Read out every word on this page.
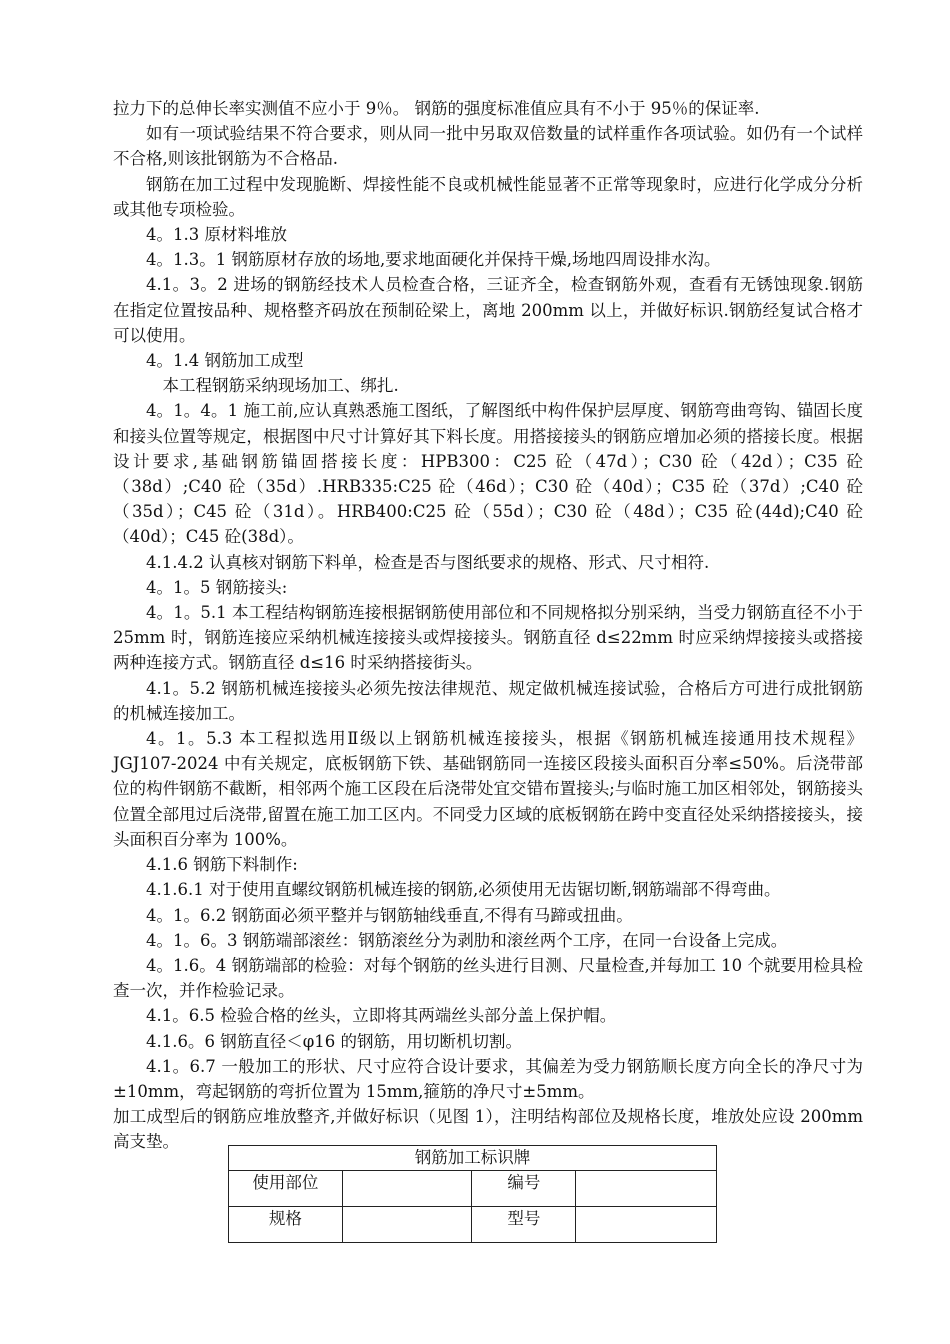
拉力下的总伸长率实测值不应小于 9％。 钢筋的强度标准值应具有不小于 95％的保证率.

如有一项试验结果不符合要求，则从同一批中另取双倍数量的试样重作各项试验。如仍有一个试样不合格,则该批钢筋为不合格品.

钢筋在加工过程中发现脆断、焊接性能不良或机械性能显著不正常等现象时，应进行化学成分分析或其他专项检验。

4。1.3 原材料堆放

4。1.3。1 钢筋原材存放的场地,要求地面硬化并保持干燥,场地四周设排水沟。

4.1。3。2 进场的钢筋经技术人员检查合格，三证齐全，检查钢筋外观，查看有无锈蚀现象.钢筋在指定位置按品种、规格整齐码放在预制砼梁上，离地 200mm 以上，并做好标识.钢筋经复试合格才可以使用。

4。1.4 钢筋加工成型

本工程钢筋采纳现场加工、绑扎.

4。1。4。1 施工前,应认真熟悉施工图纸，了解图纸中构件保护层厚度、钢筋弯曲弯钩、锚固长度和接头位置等规定，根据图中尺寸计算好其下料长度。用搭接接头的钢筋应增加必须的搭接长度。根据设计要求,基础钢筋锚固搭接长度：HPB300：C25 砼（47d）；C30 砼（42d）；C35 砼（38d）;C40 砼（35d）.HRB335:C25 砼（46d）；C30 砼（40d）；C35 砼（37d）;C40 砼（35d）；C45 砼（31d）。HRB400:C25 砼（55d）；C30 砼（48d）；C35 砼(44d);C40 砼（40d）；C45 砼(38d）。

4.1.4.2 认真核对钢筋下料单，检查是否与图纸要求的规格、形式、尺寸相符.

4。1。5 钢筋接头:

4。1。5.1 本工程结构钢筋连接根据钢筋使用部位和不同规格拟分别采纳，当受力钢筋直径不小于 25mm 时，钢筋连接应采纳机械连接接头或焊接接头。钢筋直径 d≤22mm 时应采纳焊接接头或搭接两种连接方式。钢筋直径 d≤16 时采纳搭接街头。

4.1。5.2 钢筋机械连接接头必须先按法律规范、规定做机械连接试验，合格后方可进行成批钢筋的机械连接加工。

4。1。5.3 本工程拟选用Ⅱ级以上钢筋机械连接接头，根据《钢筋机械连接通用技术规程》JGJ107-2024 中有关规定，底板钢筋下铁、基础钢筋同一连接区段接头面积百分率≤50%。后浇带部位的构件钢筋不截断，相邻两个施工区段在后浇带处宜交错布置接头;与临时施工加区相邻处，钢筋接头位置全部甩过后浇带,留置在施工加工区内。不同受力区域的底板钢筋在跨中变直径处采纳搭接接头，接头面积百分率为 100%。

4.1.6 钢筋下料制作:

4.1.6.1 对于使用直螺纹钢筋机械连接的钢筋,必须使用无齿锯切断,钢筋端部不得弯曲。

4。1。6.2 钢筋面必须平整并与钢筋轴线垂直,不得有马蹄或扭曲。

4。1。6。3 钢筋端部滚丝：钢筋滚丝分为剥肋和滚丝两个工序，在同一台设备上完成。

4。1.6。4 钢筋端部的检验：对每个钢筋的丝头进行目测、尺量检查,并每加工 10 个就要用检具检查一次，并作检验记录。

4.1。6.5 检验合格的丝头，立即将其两端丝头部分盖上保护帽。

4.1.6。6 钢筋直径＜φ16 的钢筋，用切断机切割。

4.1。6.7 一般加工的形状、尺寸应符合设计要求，其偏差为受力钢筋顺长度方向全长的净尺寸为±10mm，弯起钢筋的弯折位置为 15mm,箍筋的净尺寸±5mm。

加工成型后的钢筋应堆放整齐,并做好标识（见图 1），注明结构部位及规格长度，堆放处应设 200mm 高支垫。

钢筋加工标识牌			
使用部位		编号	
规格		型号	
